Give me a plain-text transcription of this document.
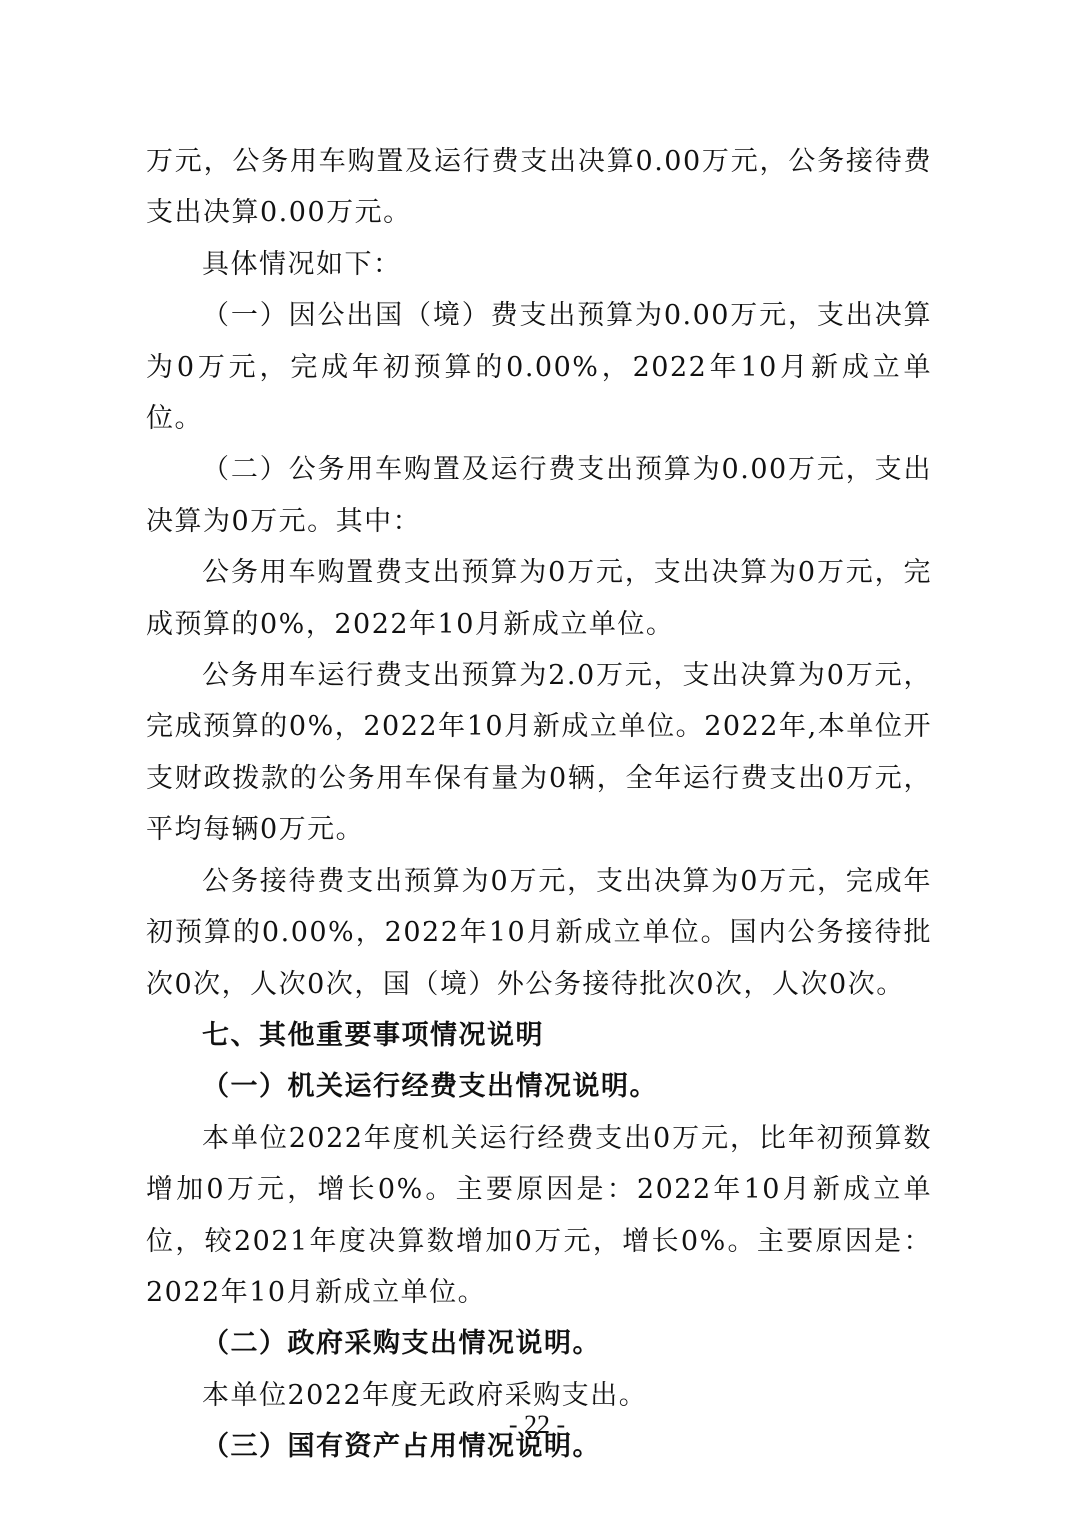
万元，公务用车购置及运行费支出决算0.00万元，公务接待费支出决算0.00万元。

具体情况如下：

（一）因公出国（境）费支出预算为0.00万元，支出决算为0万元，完成年初预算的0.00%，2022年10月新成立单位。

（二）公务用车购置及运行费支出预算为0.00万元，支出决算为0万元。其中：

公务用车购置费支出预算为0万元，支出决算为0万元，完成预算的0%，2022年10月新成立单位。

公务用车运行费支出预算为2.0万元，支出决算为0万元，完成预算的0%，2022年10月新成立单位。2022年,本单位开支财政拨款的公务用车保有量为0辆，全年运行费支出0万元，平均每辆0万元。

公务接待费支出预算为0万元，支出决算为0万元，完成年初预算的0.00%，2022年10月新成立单位。国内公务接待批次0次，人次0次，国（境）外公务接待批次0次，人次0次。

七、其他重要事项情况说明

（一）机关运行经费支出情况说明。

本单位2022年度机关运行经费支出0万元，比年初预算数增加0万元，增长0%。主要原因是：2022年10月新成立单位，较2021年度决算数增加0万元，增长0%。主要原因是：2022年10月新成立单位。

（二）政府采购支出情况说明。

本单位2022年度无政府采购支出。

（三）国有资产占用情况说明。

- 22 -
